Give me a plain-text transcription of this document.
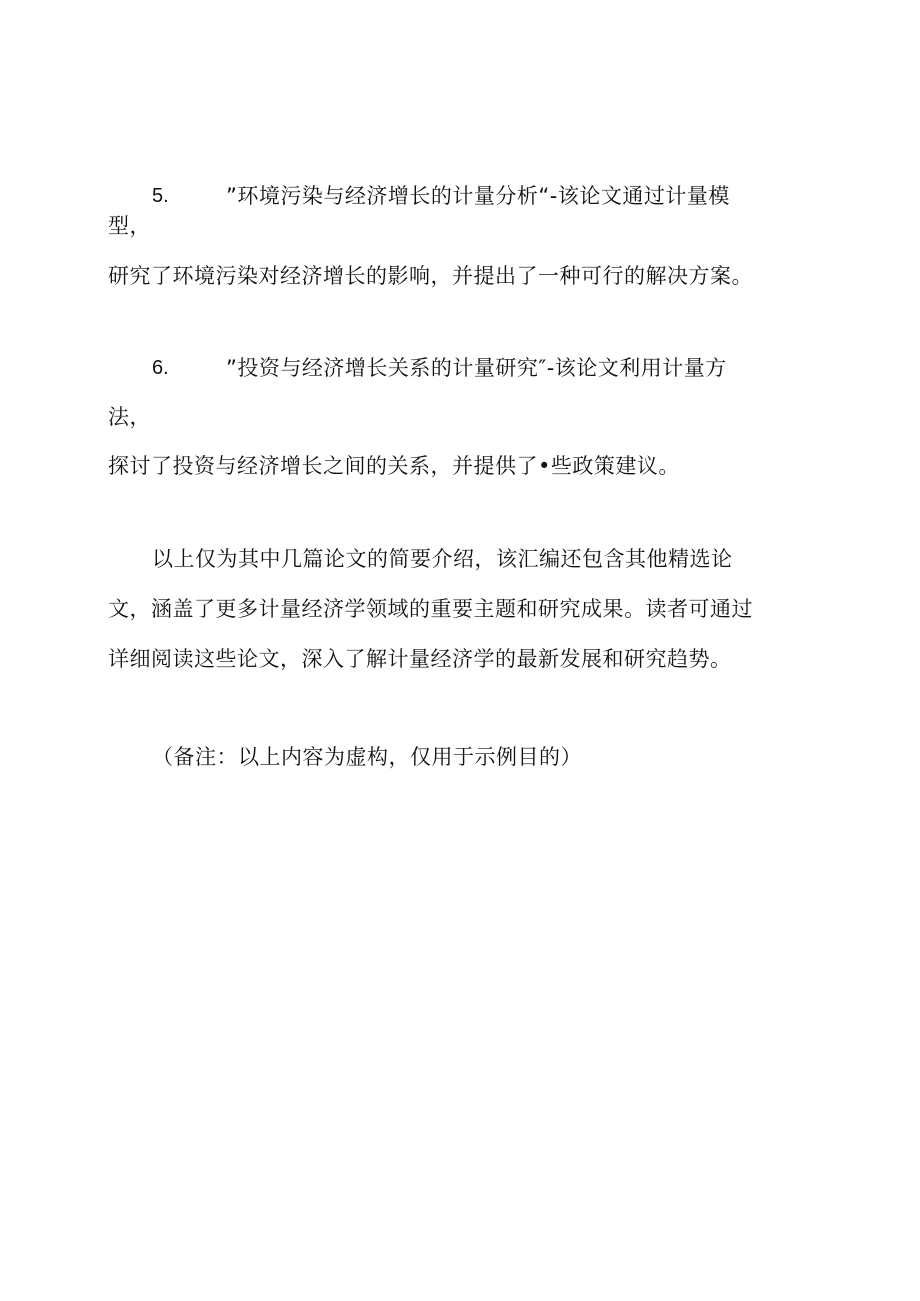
5.	”环境污染与经济增长的计量分析“-该论文通过计量模
型，
研究了环境污染对经济增长的影响，并提出了一种可行的解决方案。
6.	”投资与经济增长关系的计量研究″-该论文利用计量方
法，
探讨了投资与经济增长之间的关系，并提供了•些政策建议。
以上仅为其中几篇论文的简要介绍，该汇编还包含其他精选论
文，涵盖了更多计量经济学领域的重要主题和研究成果。读者可通过
详细阅读这些论文，深入了解计量经济学的最新发展和研究趋势。
（备注：以上内容为虚构，仅用于示例目的）
